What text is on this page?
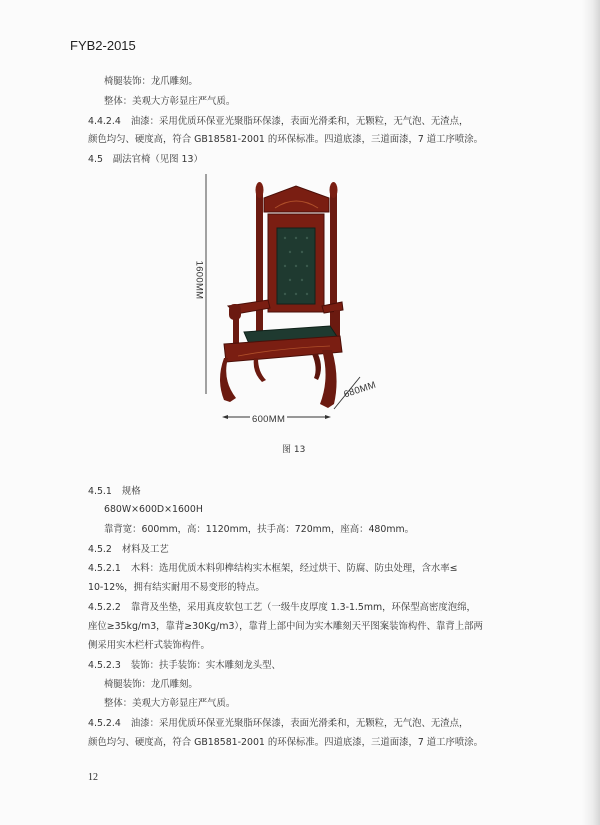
FYB2-2015
椅腿装饰：龙爪雕刻。
整体：美观大方彰显庄严气质。
4.4.2.4 油漆：采用优质环保亚光聚脂环保漆，表面光滑柔和，无颗粒，无气泡、无渣点，
颜色均匀、硬度高，符合 GB18581-2001 的环保标准。四道底漆，三道面漆，7 道工序喷涂。
4.5 副法官椅（见图 13）
1600MM
600MM
680MM
图 13
4.5.1 规格
680W×600D×1600H
靠背宽：600mm，高：1120mm，扶手高：720mm，座高：480mm。
4.5.2 材料及工艺
4.5.2.1 木料：选用优质木料卯榫结构实木框架，经过烘干、防腐、防虫处理，含水率≤
10-12%，拥有结实耐用不易变形的特点。
4.5.2.2 靠背及坐垫，采用真皮软包工艺（一级牛皮厚度 1.3-1.5mm，环保型高密度泡绵，
座位≥35kg/m3，靠背≥30Kg/m3），靠背上部中间为实木雕刻天平图案装饰构件、靠背上部两
侧采用实木栏杆式装饰构件。
4.5.2.3 装饰：扶手装饰：实木雕刻龙头型、
椅腿装饰：龙爪雕刻。
整体：美观大方彰显庄严气质。
4.5.2.4 油漆：采用优质环保亚光聚脂环保漆，表面光滑柔和，无颗粒，无气泡、无渣点，
颜色均匀、硬度高，符合 GB18581-2001 的环保标准。四道底漆，三道面漆，7 道工序喷涂。
12
